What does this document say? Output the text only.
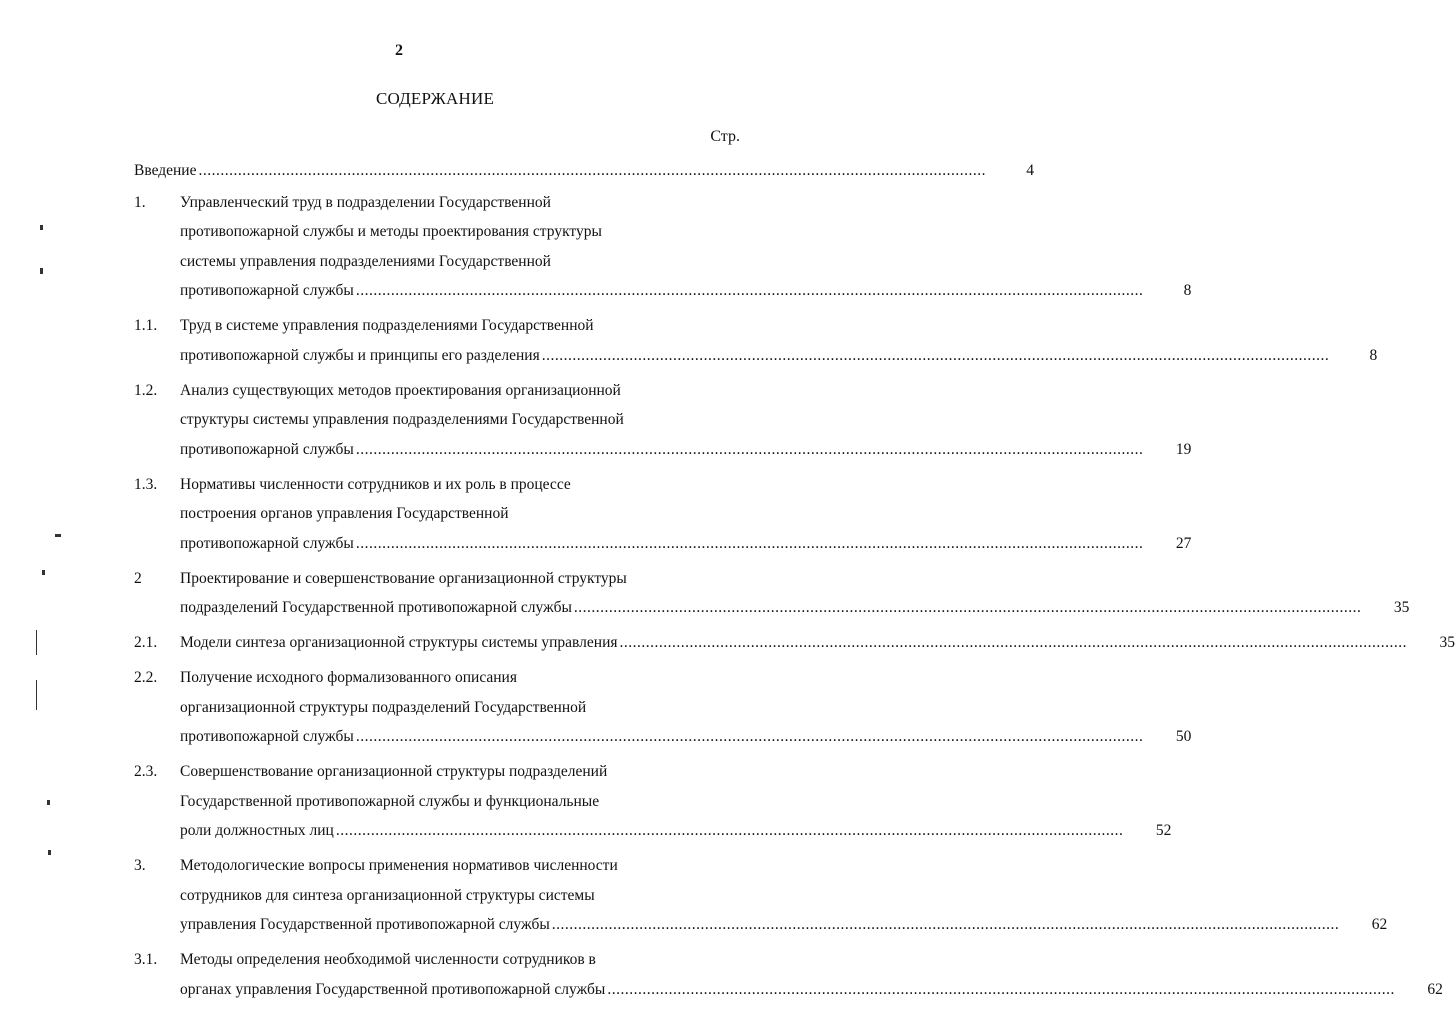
2
СОДЕРЖАНИЕ
Стр.
Введение .....	4
1.	Управленческий труд в подразделении Государственной
противопожарной службы и методы проектирования структуры
системы управления подразделениями Государственной
противопожарной службы .....	8
1.1.	Труд в системе управления подразделениями Государственной
противопожарной службы и принципы его разделения .....	8
1.2.	Анализ существующих методов проектирования организационной
структуры системы управления подразделениями Государственной
противопожарной службы .....	19
1.3.	Нормативы численности сотрудников и их роль в процессе
построения органов управления Государственной
противопожарной службы .....	27
2	Проектирование и совершенствование организационной структуры
подразделений Государственной противопожарной службы .....	35
2.1.	Модели синтеза организационной структуры системы управления .....	35
2.2.	Получение исходного формализованного описания
организационной структуры подразделений Государственной
противопожарной службы .....	50
2.3.	Совершенствование организационной структуры подразделений
Государственной противопожарной службы и функциональные
роли должностных лиц .....	52
3.	Методологические вопросы применения нормативов численности
сотрудников для синтеза организационной структуры системы
управления Государственной противопожарной службы .....	62
3.1.	Методы определения необходимой численности сотрудников в
органах управления Государственной противопожарной службы .....	62
